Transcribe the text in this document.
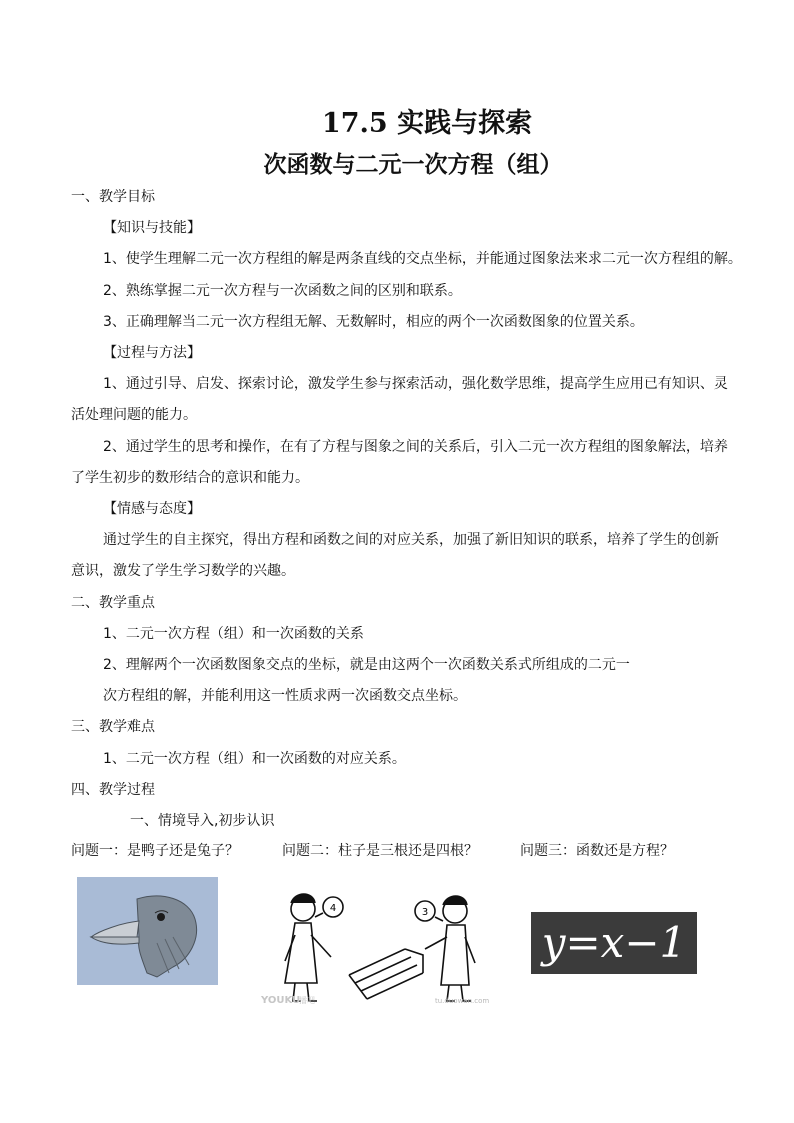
17.5 实践与探索
次函数与二元一次方程（组）

一、教学目标

【知识与技能】

1、使学生理解二元一次方程组的解是两条直线的交点坐标，并能通过图象法来求二元一次方程组的解。

2、熟练掌握二元一次方程与一次函数之间的区别和联系。

3、正确理解当二元一次方程组无解、无数解时，相应的两个一次函数图象的位置关系。

【过程与方法】

1、通过引导、启发、探索讨论，激发学生参与探索活动，强化数学思维，提高学生应用已有知识、灵

活处理问题的能力。

2、通过学生的思考和操作，在有了方程与图象之间的关系后，引入二元一次方程组的图象解法，培养

了学生初步的数形结合的意识和能力。

【情感与态度】

通过学生的自主探究，得出方程和函数之间的对应关系，加强了新旧知识的联系，培养了学生的创新

意识，激发了学生学习数学的兴趣。

二、教学重点

1、二元一次方程（组）和一次函数的关系

2、理解两个一次函数图象交点的坐标，就是由这两个一次函数关系式所组成的二元一

次方程组的解，并能利用这一性质求两一次函数交点坐标。

三、教学难点

1、二元一次方程（组）和一次函数的对应关系。

四、教学过程

一、情境导入,初步认识

问题一：是鸭子还是兔子？	问题二：柱子是三根还是四根？	问题三：函数还是方程？
4	3
YOUKU
播吧	tu.duowan.com
y=x−1
